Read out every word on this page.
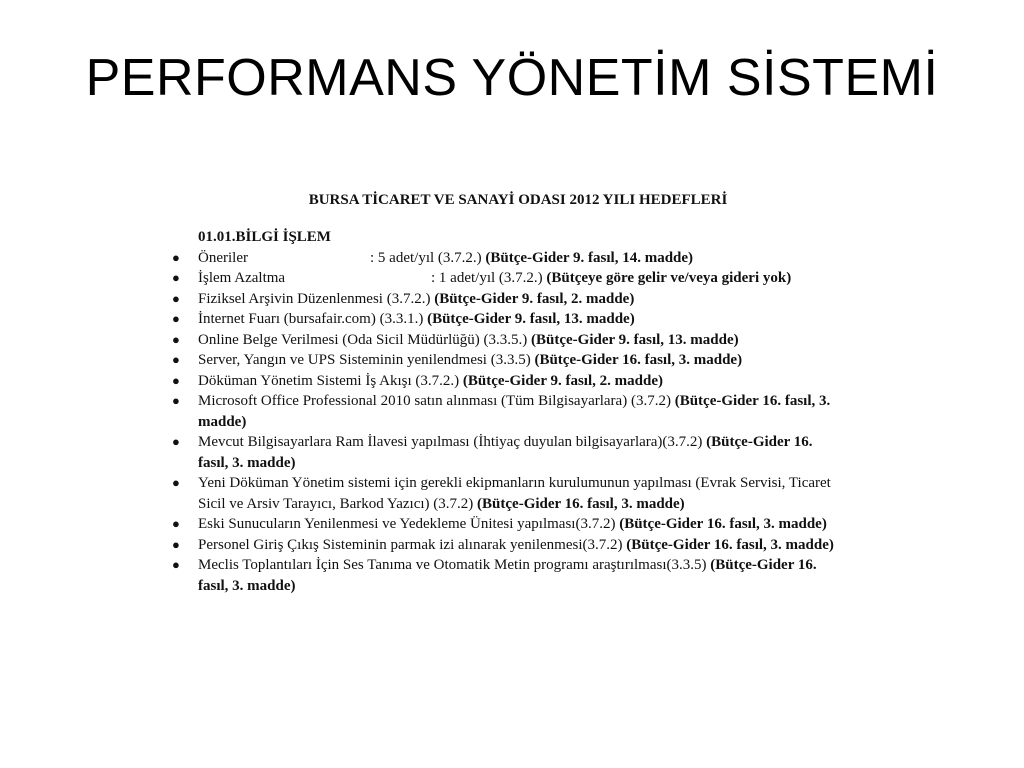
PERFORMANS YÖNETİM SİSTEMİ
BURSA TİCARET VE SANAYİ ODASI 2012 YILI HEDEFLERİ
01.01.BİLGİ İŞLEM
● Öneriler	: 5 adet/yıl (3.7.2.) (Bütçe-Gider 9. fasıl, 14. madde)
● İşlem Azaltma	: 1 adet/yıl (3.7.2.) (Bütçeye göre gelir ve/veya gideri yok)
● Fiziksel Arşivin Düzenlenmesi (3.7.2.) (Bütçe-Gider 9. fasıl, 2. madde)
● İnternet Fuarı (bursafair.com) (3.3.1.) (Bütçe-Gider 9. fasıl, 13. madde)
● Online Belge Verilmesi (Oda Sicil Müdürlüğü) (3.3.5.) (Bütçe-Gider 9. fasıl, 13. madde)
● Server, Yangın ve UPS Sisteminin yenilendmesi (3.3.5) (Bütçe-Gider 16. fasıl, 3. madde)
● Döküman Yönetim Sistemi İş Akışı (3.7.2.) (Bütçe-Gider 9. fasıl, 2. madde)
● Microsoft Office Professional 2010 satın alınması (Tüm Bilgisayarlara) (3.7.2) (Bütçe-Gider 16. fasıl, 3. madde)
● Mevcut Bilgisayarlara Ram İlavesi yapılması (İhtiyaç duyulan bilgisayarlara)(3.7.2) (Bütçe-Gider 16. fasıl, 3. madde)
● Yeni Döküman Yönetim sistemi için gerekli ekipmanların kurulumunun yapılması (Evrak Servisi, Ticaret Sicil ve Arsiv Tarayıcı, Barkod Yazıcı) (3.7.2) (Bütçe-Gider 16. fasıl, 3. madde)
● Eski Sunucuların Yenilenmesi ve Yedekleme Ünitesi yapılması(3.7.2) (Bütçe-Gider 16. fasıl, 3. madde)
● Personel Giriş Çıkış Sisteminin parmak izi alınarak yenilenmesi(3.7.2) (Bütçe-Gider 16. fasıl, 3. madde)
● Meclis Toplantıları İçin Ses Tanıma ve Otomatik Metin programı araştırılması(3.3.5) (Bütçe-Gider 16. fasıl, 3. madde)
